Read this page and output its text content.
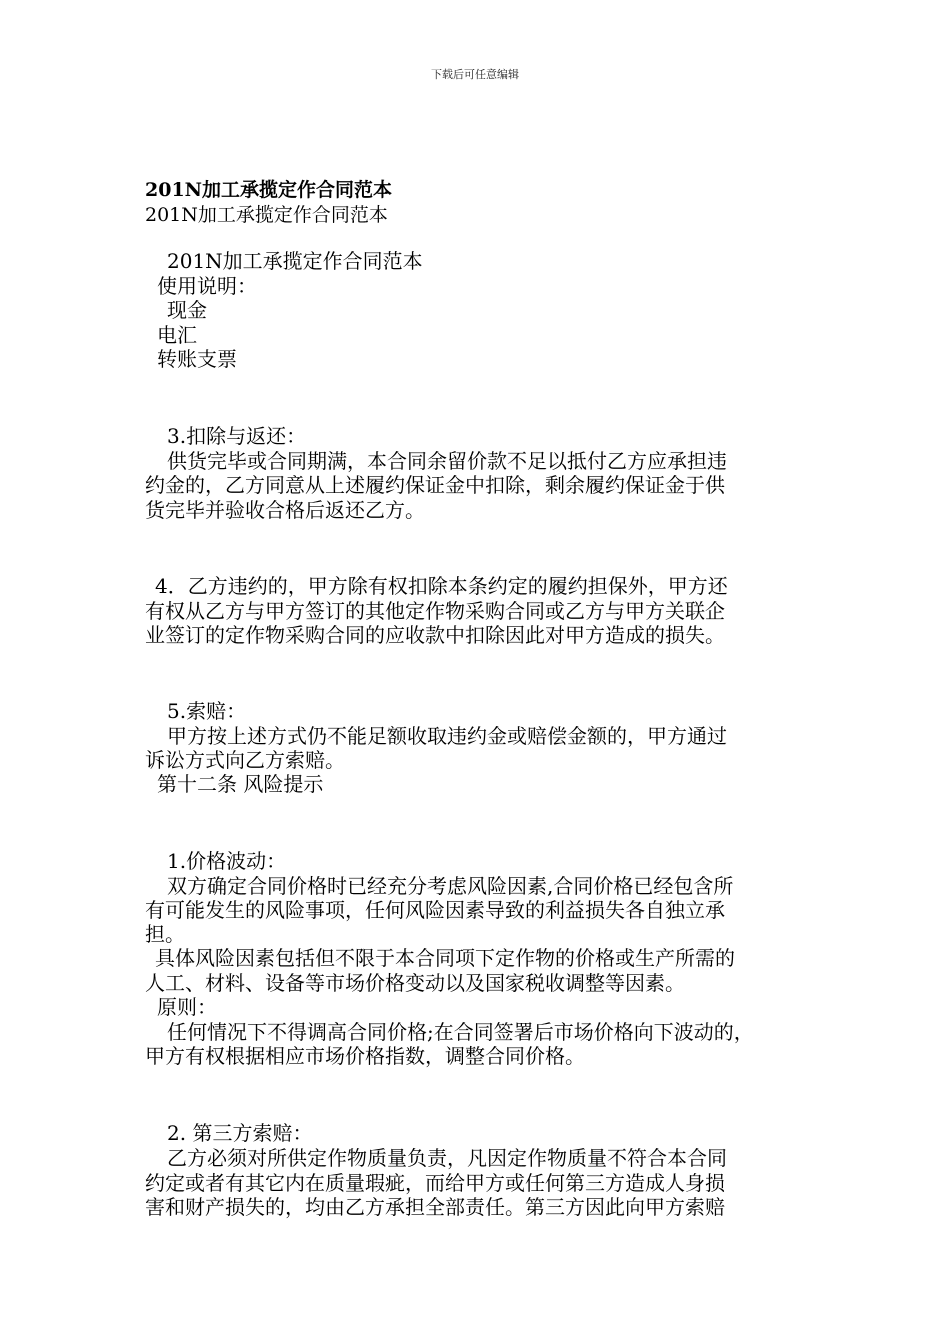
下载后可任意编辑
201N加工承揽定作合同范本
201N加工承揽定作合同范本
201N加工承揽定作合同范本
使用说明：
现金
电汇
转账支票
3.扣除与返还：
供货完毕或合同期满，本合同余留价款不足以抵付乙方应承担违
约金的，乙方同意从上述履约保证金中扣除，剩余履约保证金于供
货完毕并验收合格后返还乙方。
4．乙方违约的，甲方除有权扣除本条约定的履约担保外，甲方还
有权从乙方与甲方签订的其他定作物采购合同或乙方与甲方关联企
业签订的定作物采购合同的应收款中扣除因此对甲方造成的损失。
5.索赔：
甲方按上述方式仍不能足额收取违约金或赔偿金额的，甲方通过
诉讼方式向乙方索赔。
第十二条 风险提示
1.价格波动：
双方确定合同价格时已经充分考虑风险因素,合同价格已经包含所
有可能发生的风险事项，任何风险因素导致的利益损失各自独立承
担。
具体风险因素包括但不限于本合同项下定作物的价格或生产所需的
人工、材料、设备等市场价格变动以及国家税收调整等因素。
原则：
任何情况下不得调高合同价格;在合同签署后市场价格向下波动的，
甲方有权根据相应市场价格指数，调整合同价格。
2. 第三方索赔：
乙方必须对所供定作物质量负责，凡因定作物质量不符合本合同
约定或者有其它内在质量瑕疵，而给甲方或任何第三方造成人身损
害和财产损失的，均由乙方承担全部责任。第三方因此向甲方索赔
